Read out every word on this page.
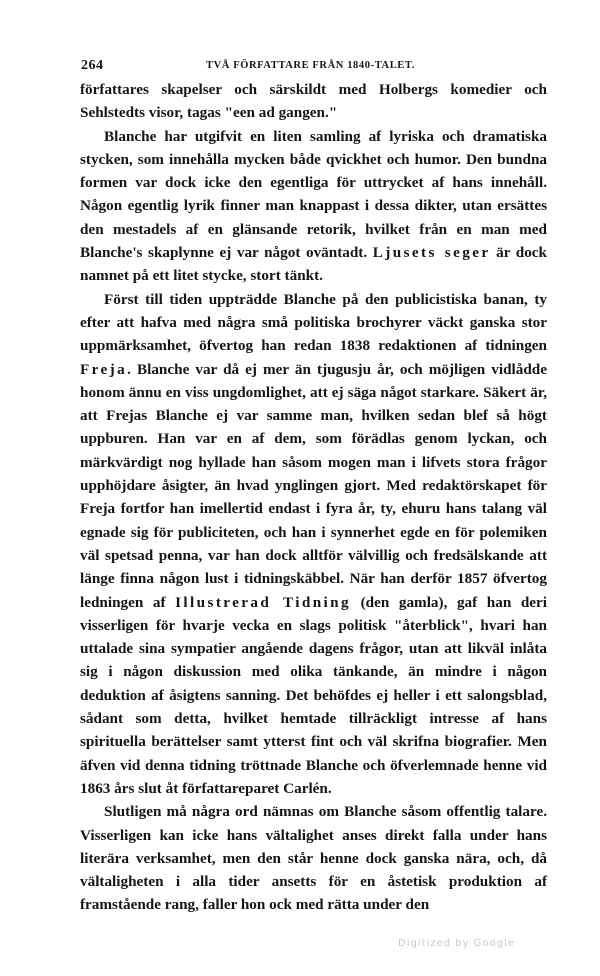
264	TVÅ FÖRFATTARE FRÅN 1840-TALET.

författares skapelser och särskildt med Holbergs komedier och Sehlstedts visor, tagas "een ad gangen."

Blanche har utgifvit en liten samling af lyriska och dramatiska stycken, som innehålla mycken både qvickhet och humor. Den bundna formen var dock icke den egentliga för uttrycket af hans innehåll. Någon egentlig lyrik finner man knappast i dessa dikter, utan ersättes den mestadels af en glänsande retorik, hvilket från en man med Blanche's skaplynne ej var något oväntadt. Ljusets seger är dock namnet på ett litet stycke, stort tänkt.

Först till tiden uppträdde Blanche på den publicistiska banan, ty efter att hafva med några små politiska brochyrer väckt ganska stor uppmärksamhet, öfvertog han redan 1838 redaktionen af tidningen Freja. Blanche var då ej mer än tjugusju år, och möjligen vidlådde honom ännu en viss ungdomlighet, att ej säga något starkare. Säkert är, att Frejas Blanche ej var samme man, hvilken sedan blef så högt uppburen. Han var en af dem, som förädlas genom lyckan, och märkvärdigt nog hyllade han såsom mogen man i lifvets stora frågor upphöjdare åsigter, än hvad ynglingen gjort. Med redaktörskapet för Freja fortfor han imellertid endast i fyra år, ty, ehuru hans talang väl egnade sig för publiciteten, och han i synnerhet egde en för polemiken väl spetsad penna, var han dock alltför välvillig och fredsälskande att länge finna någon lust i tidningskäbbel. När han derför 1857 öfvertog ledningen af Illustrerad Tidning (den gamla), gaf han deri visserligen för hvarje vecka en slags politisk "återblick", hvari han uttalade sina sympatier angående dagens frågor, utan att likväl inlåta sig i någon diskussion med olika tänkande, än mindre i någon deduktion af åsigtens sanning. Det behöfdes ej heller i ett salongsblad, sådant som detta, hvilket hemtade tillräckligt intresse af hans spirituella berättelser samt ytterst fint och väl skrifna biografier. Men äfven vid denna tidning tröttnade Blanche och öfverlemnade henne vid 1863 års slut åt författareparet Carlén.

Slutligen må några ord nämnas om Blanche såsom offentlig talare. Visserligen kan icke hans vältalighet anses direkt falla under hans literära verksamhet, men den står henne dock ganska nära, och, då vältaligheten i alla tider ansetts för en åstetisk produktion af framstående rang, faller hon ock med rätta under den

Digitized by Google
